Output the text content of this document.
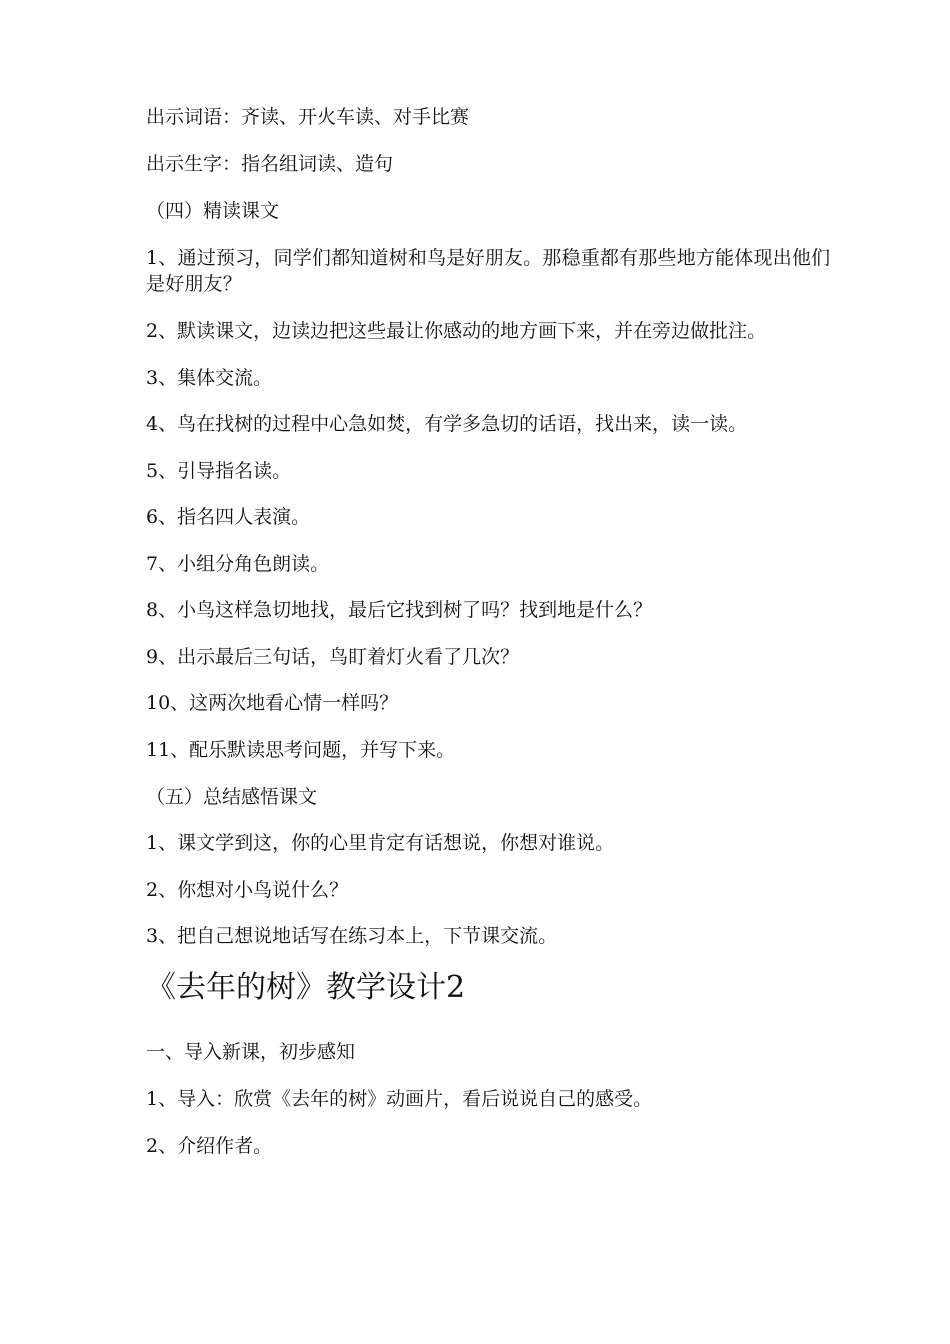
出示词语：齐读、开火车读、对手比赛

出示生字：指名组词读、造句

（四）精读课文

1、通过预习，同学们都知道树和鸟是好朋友。那稳重都有那些地方能体现出他们是好朋友？

2、默读课文，边读边把这些最让你感动的地方画下来，并在旁边做批注。

3、集体交流。

4、鸟在找树的过程中心急如焚，有学多急切的话语，找出来，读一读。

5、引导指名读。

6、指名四人表演。

7、小组分角色朗读。

8、小鸟这样急切地找，最后它找到树了吗？找到地是什么？

9、出示最后三句话，鸟盯着灯火看了几次？

10、这两次地看心情一样吗？

11、配乐默读思考问题，并写下来。

（五）总结感悟课文

1、课文学到这，你的心里肯定有话想说，你想对谁说。

2、你想对小鸟说什么？

3、把自己想说地话写在练习本上，下节课交流。

《去年的树》教学设计2

一、导入新课，初步感知

1、导入：欣赏《去年的树》动画片，看后说说自己的感受。

2、介绍作者。
